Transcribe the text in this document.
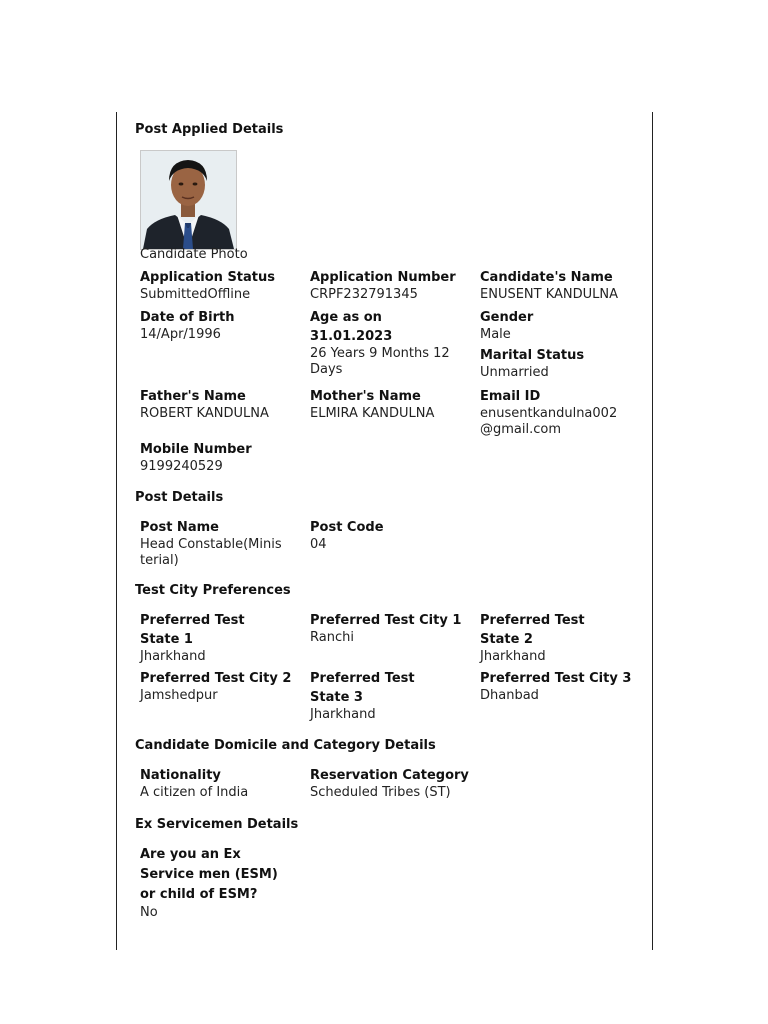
Post Applied Details
Candidate Photo
Application Status
SubmittedOffline
Application Number
CRPF232791345
Candidate's Name
ENUSENT KANDULNA
Date of Birth
14/Apr/1996
Age as on 31.01.2023
26 Years 9 Months 12 Days
Gender
Male
Marital Status
Unmarried
Father's Name
ROBERT KANDULNA
Mother's Name
ELMIRA KANDULNA
Email ID
enusentkandulna002@gmail.com
Mobile Number
9199240529
Post Details
Post Name
Head Constable(Ministerial)
Post Code
04
Test City Preferences
Preferred Test State 1
Jharkhand
Preferred Test City 1
Ranchi
Preferred Test State 2
Jharkhand
Preferred Test City 2
Jamshedpur
Preferred Test State 3
Jharkhand
Preferred Test City 3
Dhanbad
Candidate Domicile and Category Details
Nationality
A citizen of India
Reservation Category
Scheduled Tribes (ST)
Ex Servicemen Details
Are you an Ex Service men (ESM) or child of ESM?
No
